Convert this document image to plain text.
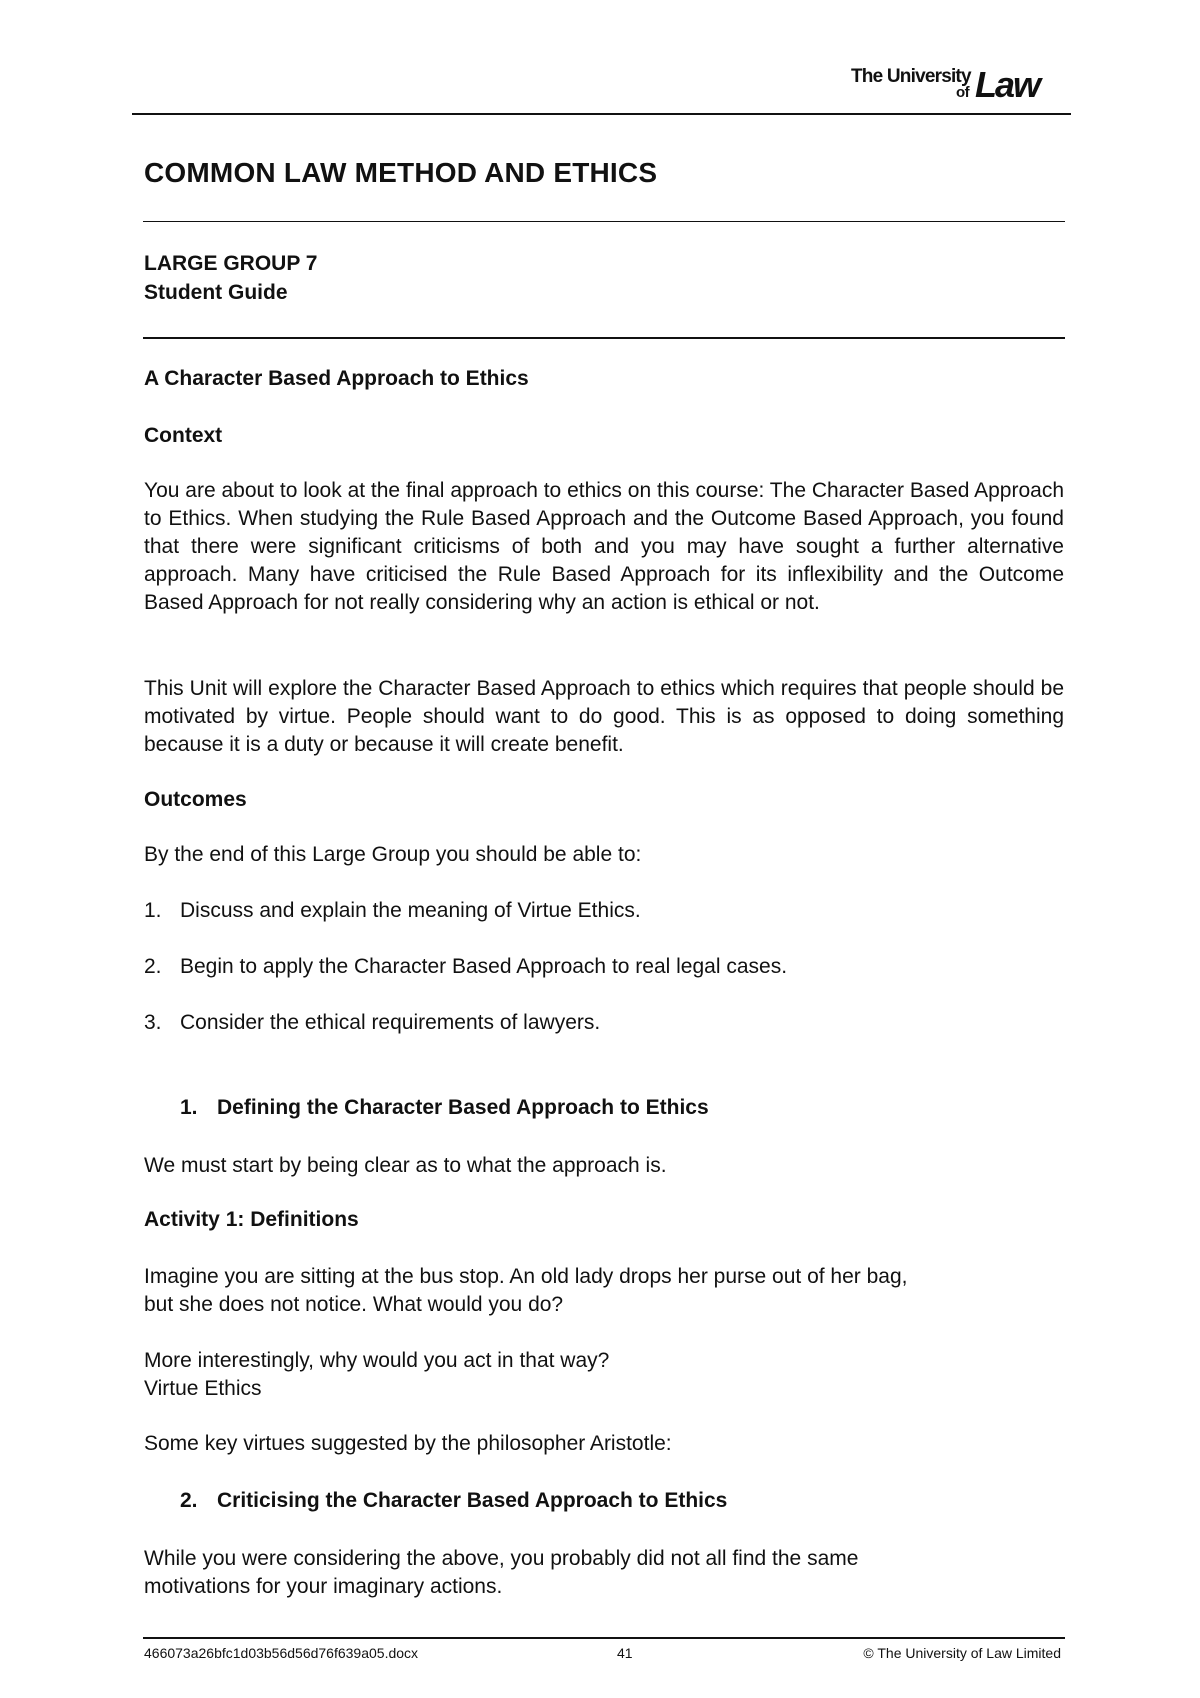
The University
of Law
COMMON LAW METHOD AND ETHICS
LARGE GROUP 7
Student Guide
A Character Based Approach to Ethics
Context
You are about to look at the final approach to ethics on this course: The Character Based Approach to Ethics. When studying the Rule Based Approach and the Outcome Based Approach, you found that there were significant criticisms of both and you may have sought a further alternative approach. Many have criticised the Rule Based Approach for its inflexibility and the Outcome Based Approach for not really considering why an action is ethical or not.
This Unit will explore the Character Based Approach to ethics which requires that people should be motivated by virtue. People should want to do good. This is as opposed to doing something because it is a duty or because it will create benefit.
Outcomes
By the end of this Large Group you should be able to:
1. Discuss and explain the meaning of Virtue Ethics.
2. Begin to apply the Character Based Approach to real legal cases.
3. Consider the ethical requirements of lawyers.
1. Defining the Character Based Approach to Ethics
We must start by being clear as to what the approach is.
Activity 1: Definitions
Imagine you are sitting at the bus stop. An old lady drops her purse out of her bag,
but she does not notice. What would you do?
More interestingly, why would you act in that way?
Virtue Ethics
Some key virtues suggested by the philosopher Aristotle:
2. Criticising the Character Based Approach to Ethics
While you were considering the above, you probably did not all find the same
motivations for your imaginary actions.
466073a26bfc1d03b56d56d76f639a05.docx	41	© The University of Law Limited
